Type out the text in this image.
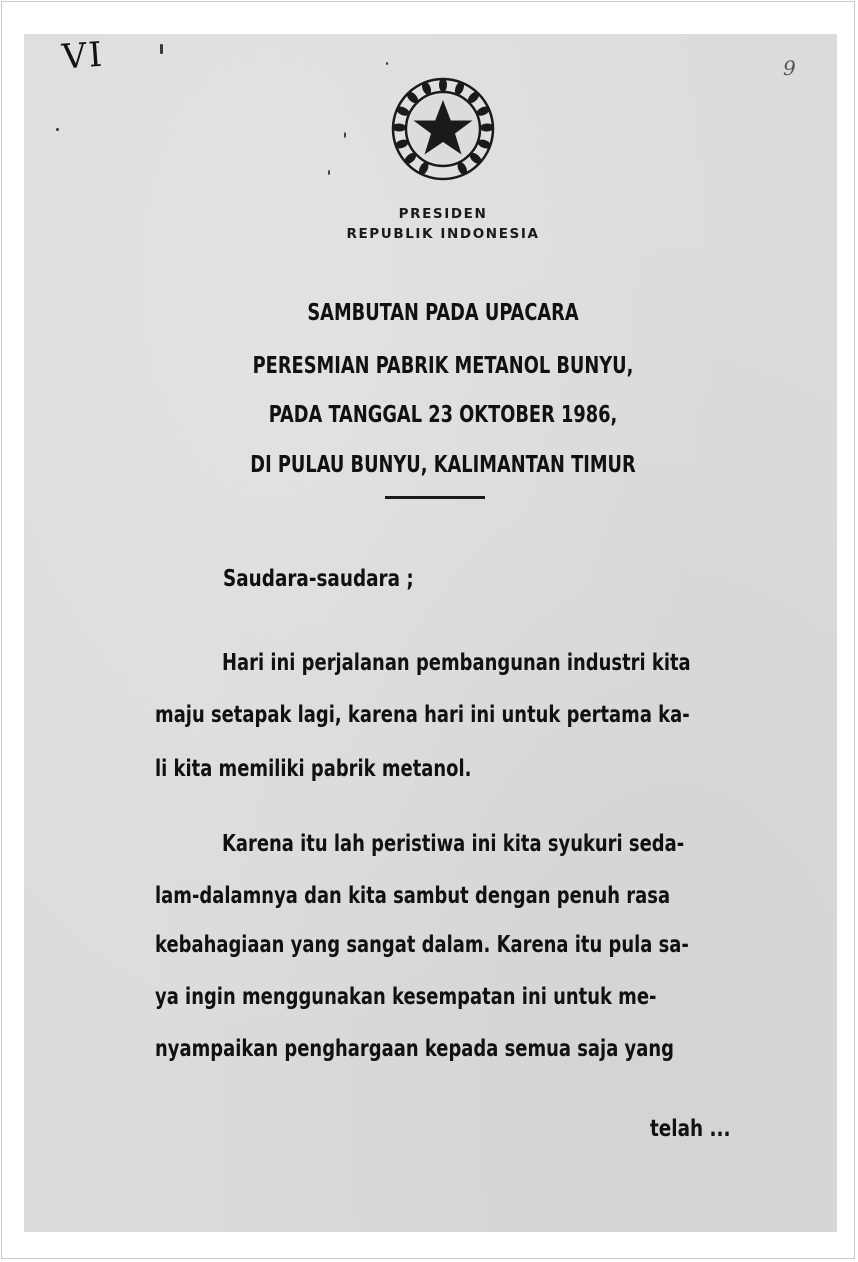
VI	9
PRESIDEN
REPUBLIK INDONESIA
SAMBUTAN PADA UPACARA
PERESMIAN PABRIK METANOL BUNYU,
PADA TANGGAL 23 OKTOBER 1986,
DI PULAU BUNYU, KALIMANTAN TIMUR
Saudara-saudara ;
Hari ini perjalanan pembangunan industri kita
maju setapak lagi, karena hari ini untuk pertama ka-
li kita memiliki pabrik metanol.
Karena itu lah peristiwa ini kita syukuri seda-
lam-dalamnya dan kita sambut dengan penuh rasa
kebahagiaan yang sangat dalam. Karena itu pula sa-
ya ingin menggunakan kesempatan ini untuk me-
nyampaikan penghargaan kepada semua saja yang
telah ...
